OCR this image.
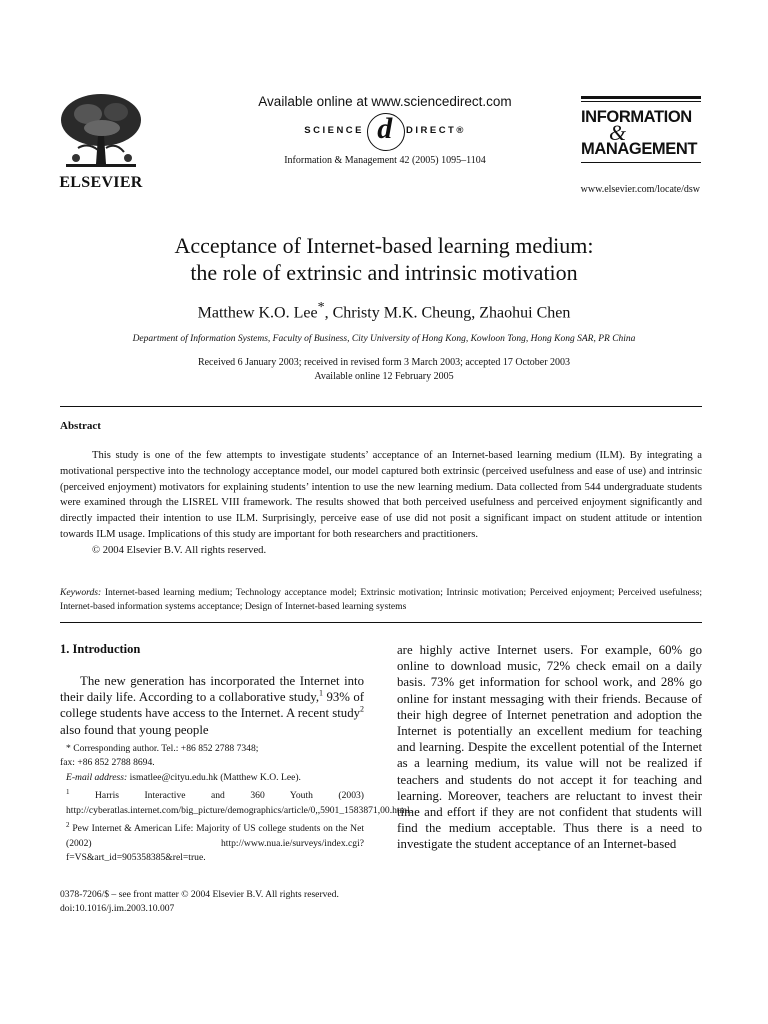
ELSEVIER
Available online at www.sciencedirect.com
SCIENCE d	DIRECT®
Information & Management 42 (2005) 1095–1104
INFORMATION
&
MANAGEMENT
www.elsevier.com/locate/dsw
Acceptance of Internet-based learning medium:
the role of extrinsic and intrinsic motivation
Matthew K.O. Lee*, Christy M.K. Cheung, Zhaohui Chen
Department of Information Systems, Faculty of Business, City University of Hong Kong, Kowloon Tong, Hong Kong SAR, PR China
Received 6 January 2003; received in revised form 3 March 2003; accepted 17 October 2003
Available online 12 February 2005
Abstract

This study is one of the few attempts to investigate students’ acceptance of an Internet-based learning medium (ILM). By integrating a motivational perspective into the technology acceptance model, our model captured both extrinsic (perceived usefulness and ease of use) and intrinsic (perceived enjoyment) motivators for explaining students’ intention to use the new learning medium. Data collected from 544 undergraduate students were examined through the LISREL VIII framework. The results showed that both perceived usefulness and perceived enjoyment significantly and directly impacted their intention to use ILM. Surprisingly, perceive ease of use did not posit a significant impact on student attitude or intention towards ILM usage. Implications of this study are important for both researchers and practitioners.

© 2004 Elsevier B.V. All rights reserved.

Keywords: Internet-based learning medium; Technology acceptance model; Extrinsic motivation; Intrinsic motivation; Perceived enjoyment; Perceived usefulness; Internet-based information systems acceptance; Design of Internet-based learning systems
1. Introduction

The new generation has incorporated the Internet into their daily life. According to a collaborative study,$^1$ 93% of college students have access to the Internet. A recent study$^2$ also found that young people

* Corresponding author. Tel.: +86 852 2788 7348;
fax: +86 852 2788 8694.
E-mail address: ismatlee@cityu.edu.hk (Matthew K.O. Lee).
$^1$ Harris Interactive and 360 Youth (2003) http://cyberatlas.internet.com/big_picture/demographics/article/0,,5901_1583871,00.html.
$^2$ Pew Internet & American Life: Majority of US college students on the Net (2002) http://www.nua.ie/surveys/index.cgi?f=VS&art_id=905358385&rel=true.

are highly active Internet users. For example, 60% go online to download music, 72% check email on a daily basis. 73% get information for school work, and 28% go online for instant messaging with their friends. Because of their high degree of Internet penetration and adoption the Internet is potentially an excellent medium for teaching and learning. Despite the excellent potential of the Internet as a learning medium, its value will not be realized if teachers and students do not accept it for teaching and learning. Moreover, teachers are reluctant to invest their time and effort if they are not confident that students will find the medium acceptable. Thus there is a need to investigate the student acceptance of an Internet-based

0378-7206/$ – see front matter © 2004 Elsevier B.V. All rights reserved.
doi:10.1016/j.im.2003.10.007
